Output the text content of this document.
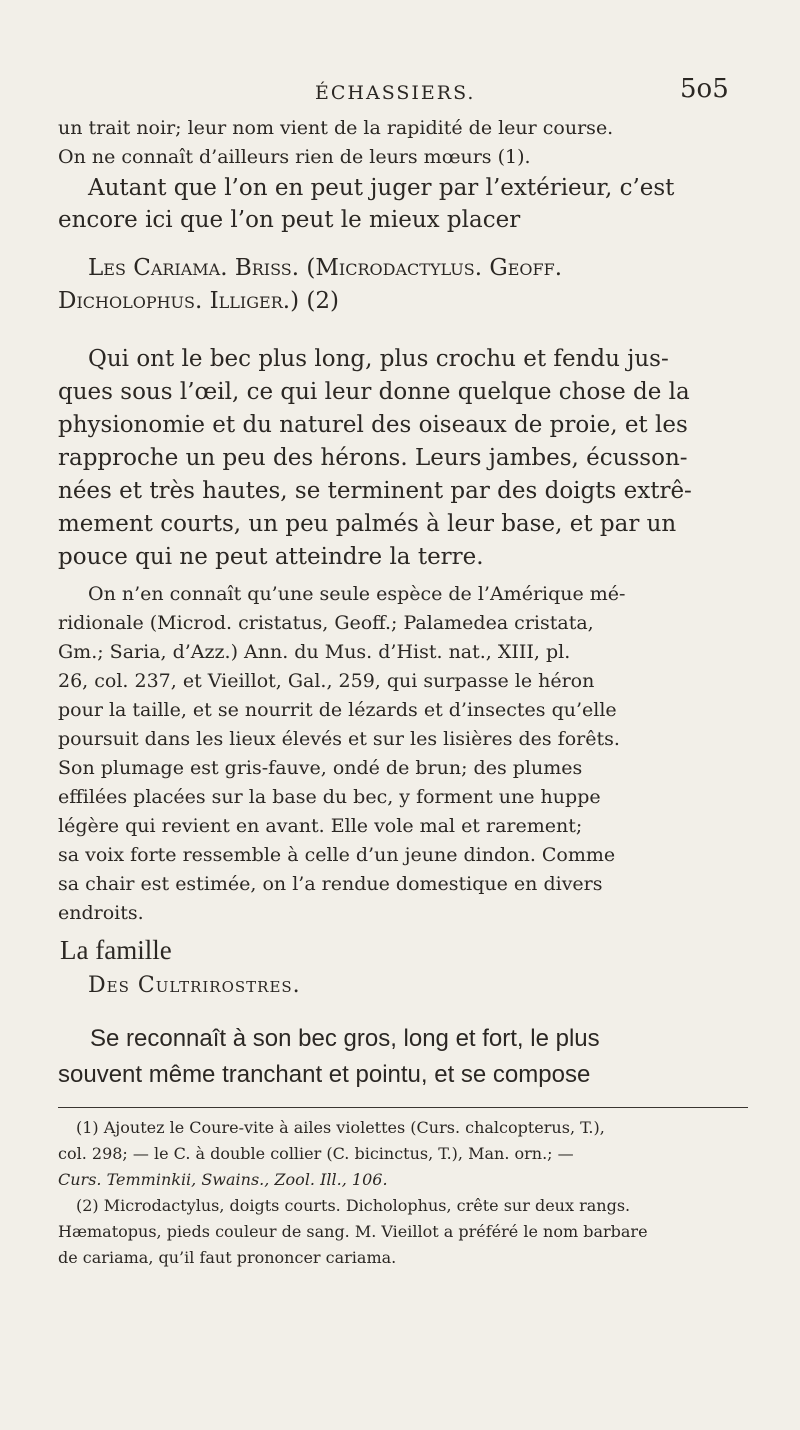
ÉCHASSIERS.	5o5
un trait noir; leur nom vient de la rapidité de leur course.
On ne connaît d’ailleurs rien de leurs mœurs (1).
Autant que l’on en peut juger par l’extérieur, c’est
encore ici que l’on peut le mieux placer
Les Cariama. Briss. (Microdactylus. Geoff.
Dicholophus. Illiger.) (2)
Qui ont le bec plus long, plus crochu et fendu jus-
ques sous l’œil, ce qui leur donne quelque chose de la
physionomie et du naturel des oiseaux de proie, et les
rapproche un peu des hérons. Leurs jambes, écusson-
nées et très hautes, se terminent par des doigts extrê-
mement courts, un peu palmés à leur base, et par un
pouce qui ne peut atteindre la terre.
On n’en connaît qu’une seule espèce de l’Amérique mé-
ridionale (Microd. cristatus, Geoff.; Palamedea cristata,
Gm.; Saria, d’Azz.) Ann. du Mus. d’Hist. nat., XIII, pl.
26, col. 237, et Vieillot, Gal., 259, qui surpasse le héron
pour la taille, et se nourrit de lézards et d’insectes qu’elle
poursuit dans les lieux élevés et sur les lisières des forêts.
Son plumage est gris-fauve, ondé de brun; des plumes
effilées placées sur la base du bec, y forment une huppe
légère qui revient en avant. Elle vole mal et rarement;
sa voix forte ressemble à celle d’un jeune dindon. Comme
sa chair est estimée, on l’a rendue domestique en divers
endroits.
La famille
Des Cultrirostres.
Se reconnaît à son bec gros, long et fort, le plus
souvent même tranchant et pointu, et se compose
(1) Ajoutez le Coure-vite à ailes violettes (Curs. chalcopterus, T.),
col. 298; — le C. à double collier (C. bicinctus, T.), Man. orn.; —
Curs. Temminkii, Swains., Zool. Ill., 106.
(2) Microdactylus, doigts courts. Dicholophus, crête sur deux rangs.
Hæmatopus, pieds couleur de sang. M. Vieillot a préféré le nom barbare
de cariama, qu’il faut prononcer cariamа.
